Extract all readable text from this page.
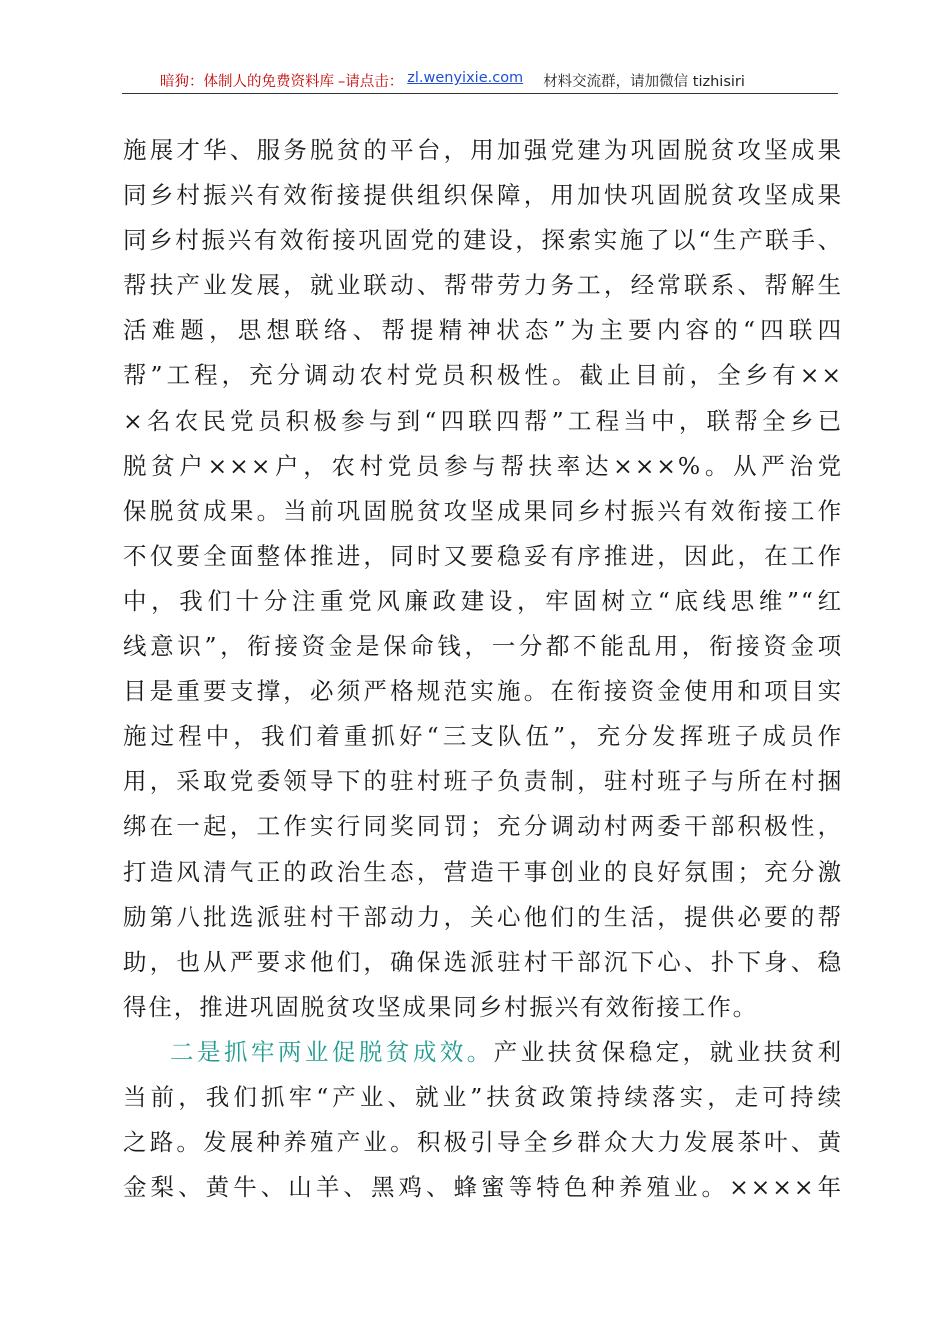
暗狗：体制人的免费资料库 –请点击： zl.wenyixie.com 材料交流群，请加微信 tizhisiri
施展才华、服务脱贫的平台，用加强党建为巩固脱贫攻坚成果
同乡村振兴有效衔接提供组织保障，用加快巩固脱贫攻坚成果
同乡村振兴有效衔接巩固党的建设，探索实施了以“生产联手、
帮扶产业发展，就业联动、帮带劳力务工，经常联系、帮解生
活难题，思想联络、帮提精神状态”为主要内容的“四联四
帮”工程，充分调动农村党员积极性。截止目前，全乡有××
×名农民党员积极参与到“四联四帮”工程当中，联帮全乡已
脱贫户×××户，农村党员参与帮扶率达×××%。从严治党
保脱贫成果。当前巩固脱贫攻坚成果同乡村振兴有效衔接工作
不仅要全面整体推进，同时又要稳妥有序推进，因此，在工作
中，我们十分注重党风廉政建设，牢固树立“底线思维”“红
线意识”，衔接资金是保命钱，一分都不能乱用，衔接资金项
目是重要支撑，必须严格规范实施。在衔接资金使用和项目实
施过程中，我们着重抓好“三支队伍”，充分发挥班子成员作
用，采取党委领导下的驻村班子负责制，驻村班子与所在村捆
绑在一起，工作实行同奖同罚；充分调动村两委干部积极性，
打造风清气正的政治生态，营造干事创业的良好氛围；充分激
励第八批选派驻村干部动力，关心他们的生活，提供必要的帮
助，也从严要求他们，确保选派驻村干部沉下心、扑下身、稳
得住，推进巩固脱贫攻坚成果同乡村振兴有效衔接工作。
二是抓牢两业促脱贫成效。产业扶贫保稳定，就业扶贫利
当前，我们抓牢“产业、就业”扶贫政策持续落实，走可持续
之路。发展种养殖产业。积极引导全乡群众大力发展茶叶、黄
金梨、黄牛、山羊、黑鸡、蜂蜜等特色种养殖业。××××年
